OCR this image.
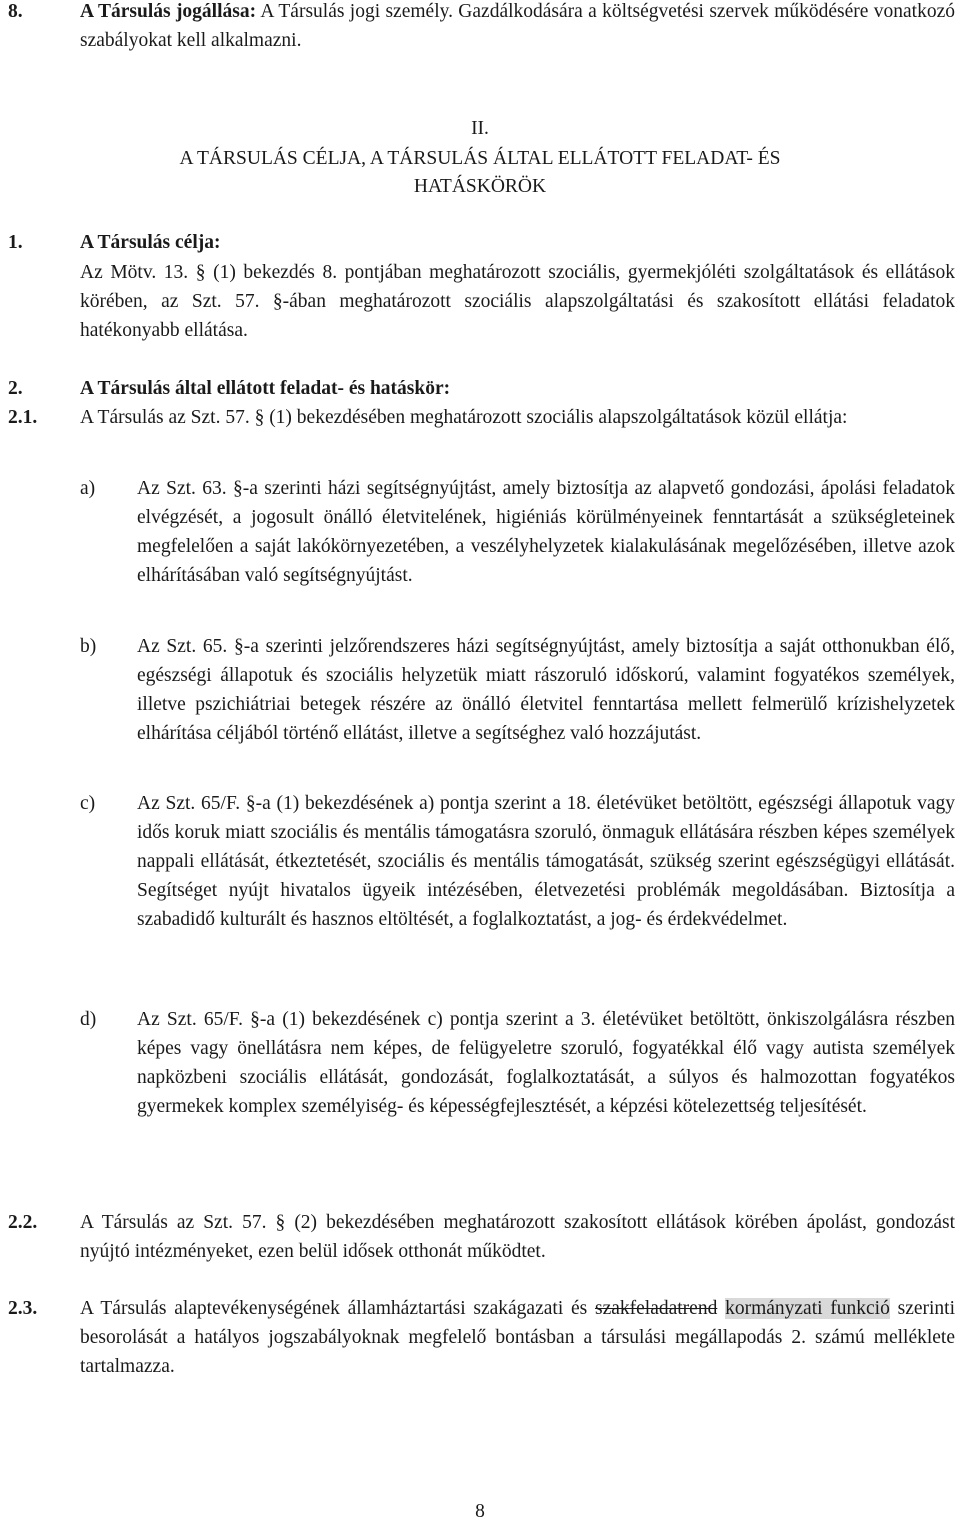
8.	A Társulás jogállása: A Társulás jogi személy. Gazdálkodására a költségvetési szervek működésére vonatkozó szabályokat kell alkalmazni.
II.
A TÁRSULÁS CÉLJA, A TÁRSULÁS ÁLTAL ELLÁTOTT FELADAT- ÉS
HATÁSKÖRÖK
1.	A Társulás célja:
Az Mötv. 13. § (1) bekezdés 8. pontjában meghatározott szociális, gyermekjóléti szolgáltatások és ellátások körében, az Szt. 57. §-ában meghatározott szociális alapszolgáltatási és szakosított ellátási feladatok hatékonyabb ellátása.
2.	A Társulás által ellátott feladat- és hatáskör:
2.1. A Társulás az Szt. 57. § (1) bekezdésében meghatározott szociális alapszolgáltatások közül ellátja:
a) Az Szt. 63. §-a szerinti házi segítségnyújtást, amely biztosítja az alapvető gondozási, ápolási feladatok elvégzését, a jogosult önálló életvitelének, higiéniás körülményeinek fenntartását a szükségleteinek megfelelően a saját lakókörnyezetében, a veszélyhelyzetek kialakulásának megelőzésében, illetve azok elhárításában való segítségnyújtást.
b) Az Szt. 65. §-a szerinti jelzőrendszeres házi segítségnyújtást, amely biztosítja a saját otthonukban élő, egészségi állapotuk és szociális helyzetük miatt rászoruló időskorú, valamint fogyatékos személyek, illetve pszichiátriai betegek részére az önálló életvitel fenntartása mellett felmerülő krízishelyzetek elhárítása céljából történő ellátást, illetve a segítséghez való hozzájutást.
c) Az Szt. 65/F. §-a (1) bekezdésének a) pontja szerint a 18. életévüket betöltött, egészségi állapotuk vagy idős koruk miatt szociális és mentális támogatásra szoruló, önmaguk ellátására részben képes személyek nappali ellátását, étkeztetését, szociális és mentális támogatását, szükség szerint egészségügyi ellátását. Segítséget nyújt hivatalos ügyeik intézésében, életvezetési problémák megoldásában. Biztosítja a szabadidő kulturált és hasznos eltöltését, a foglalkoztatást, a jog- és érdekvédelmet.
d) Az Szt. 65/F. §-a (1) bekezdésének c) pontja szerint a 3. életévüket betöltött, önkiszolgálásra részben képes vagy önellátásra nem képes, de felügyeletre szoruló, fogyatékkal élő vagy autista személyek napközbeni szociális ellátását, gondozását, foglalkoztatását, a súlyos és halmozottan fogyatékos gyermekek komplex személyiség- és képességfejlesztését, a képzési kötelezettség teljesítését.
2.2. A Társulás az Szt. 57. § (2) bekezdésében meghatározott szakosított ellátások körében ápolást, gondozást nyújtó intézményeket, ezen belül idősek otthonát működtet.
2.3. A Társulás alaptevékenységének államháztartási szakágazati és szakfeladatrend kormányzati funkció szerinti besorolását a hatályos jogszabályoknak megfelelő bontásban a társulási megállapodás 2. számú melléklete tartalmazza.
8
